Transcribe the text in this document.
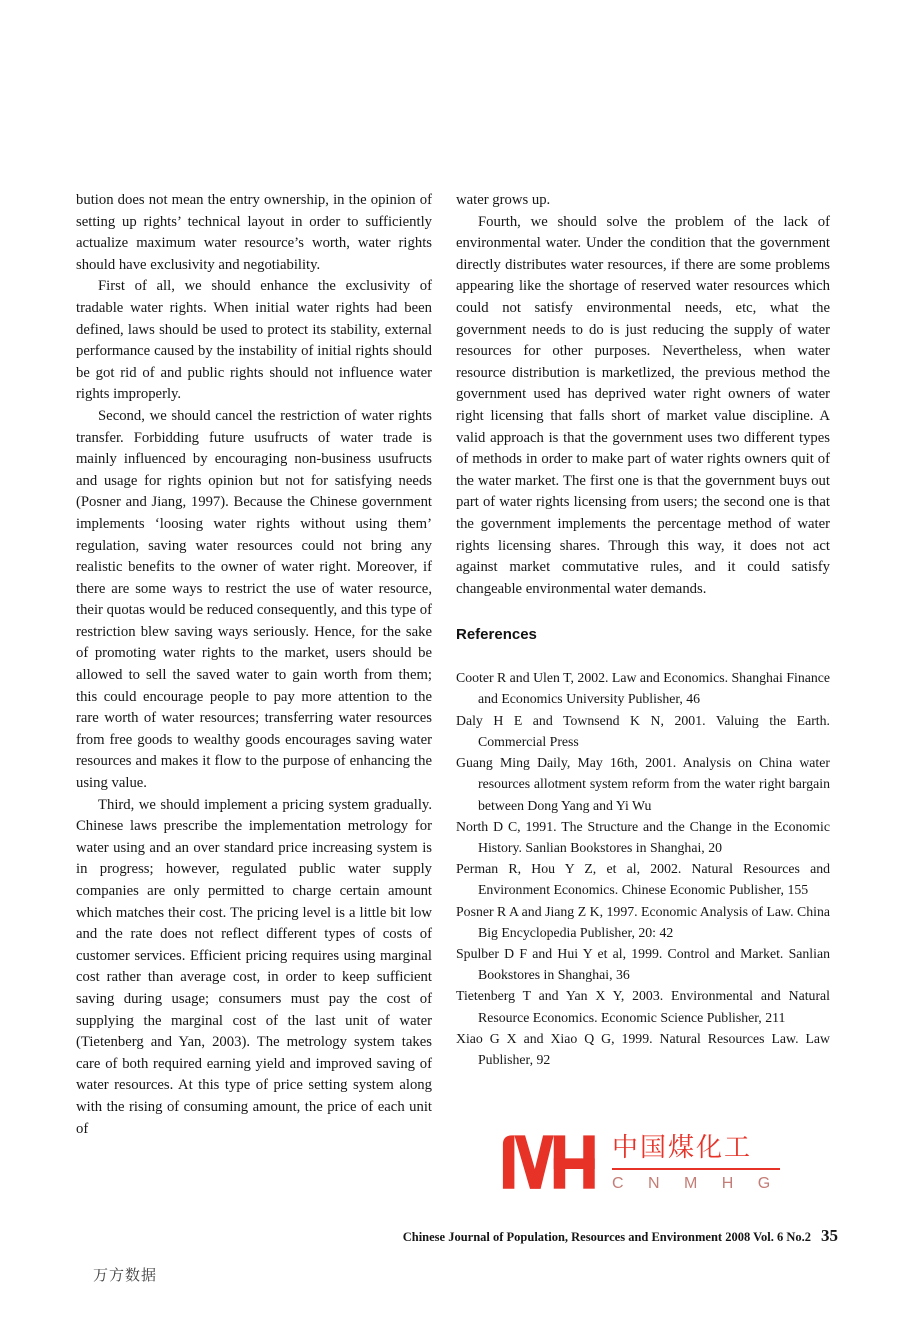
bution does not mean the entry ownership, in the opinion of setting up rights’ technical layout in order to sufficiently actualize maximum water resource’s worth, water rights should have exclusivity and negotiability.

First of all, we should enhance the exclusivity of tradable water rights. When initial water rights had been defined, laws should be used to protect its stability, external performance caused by the instability of initial rights should be got rid of and public rights should not influence water rights improperly.

Second, we should cancel the restriction of water rights transfer. Forbidding future usufructs of water trade is mainly influenced by encouraging non-business usufructs and usage for rights opinion but not for satisfying needs (Posner and Jiang, 1997). Because the Chinese government implements ‘loosing water rights without using them’ regulation, saving water resources could not bring any realistic benefits to the owner of water right. Moreover, if there are some ways to restrict the use of water resource, their quotas would be reduced consequently, and this type of restriction blew saving ways seriously. Hence, for the sake of promoting water rights to the market, users should be allowed to sell the saved water to gain worth from them; this could encourage people to pay more attention to the rare worth of water resources; transferring water resources from free goods to wealthy goods encourages saving water resources and makes it flow to the purpose of enhancing the using value.

Third, we should implement a pricing system gradually. Chinese laws prescribe the implementation metrology for water using and an over standard price increasing system is in progress; however, regulated public water supply companies are only permitted to charge certain amount which matches their cost. The pricing level is a little bit low and the rate does not reflect different types of costs of customer services. Efficient pricing requires using marginal cost rather than average cost, in order to keep sufficient saving during usage; consumers must pay the cost of supplying the marginal cost of the last unit of water (Tietenberg and Yan, 2003). The metrology system takes care of both required earning yield and improved saving of water resources. At this type of price setting system along with the rising of consuming amount, the price of each unit of

water grows up.

Fourth, we should solve the problem of the lack of environmental water. Under the condition that the government directly distributes water resources, if there are some problems appearing like the shortage of reserved water resources which could not satisfy environmental needs, etc, what the government needs to do is just reducing the supply of water resources for other purposes. Nevertheless, when water resource distribution is marketlized, the previous method the government used has deprived water right owners of water right licensing that falls short of market value discipline. A valid approach is that the government uses two different types of methods in order to make part of water rights owners quit of the water market. The first one is that the government buys out part of water rights licensing from users; the second one is that the government implements the percentage method of water rights licensing shares. Through this way, it does not act against market commutative rules, and it could satisfy changeable environmental water demands.

References

Cooter R and Ulen T, 2002. Law and Economics. Shanghai Finance and Economics University Publisher, 46

Daly H E and Townsend K N, 2001. Valuing the Earth. Commercial Press

Guang Ming Daily, May 16th, 2001. Analysis on China water resources allotment system reform from the water right bargain between Dong Yang and Yi Wu

North D C, 1991. The Structure and the Change in the Economic History. Sanlian Bookstores in Shanghai, 20

Perman R, Hou Y Z, et al, 2002. Natural Resources and Environment Economics. Chinese Economic Publisher, 155

Posner R A and Jiang Z K, 1997. Economic Analysis of Law. China Big Encyclopedia Publisher, 20: 42

Spulber D F and Hui Y et al, 1999. Control and Market. Sanlian Bookstores in Shanghai, 36

Tietenberg T and Yan X Y, 2003. Environmental and Natural Resource Economics. Economic Science Publisher, 211

Xiao G X and Xiao Q G, 1999. Natural Resources Law. Law Publisher, 92

中国煤化工
C N M H G
Chinese Journal of Population, Resources and Environment 2008 Vol. 6 No.2 35
万方数据
